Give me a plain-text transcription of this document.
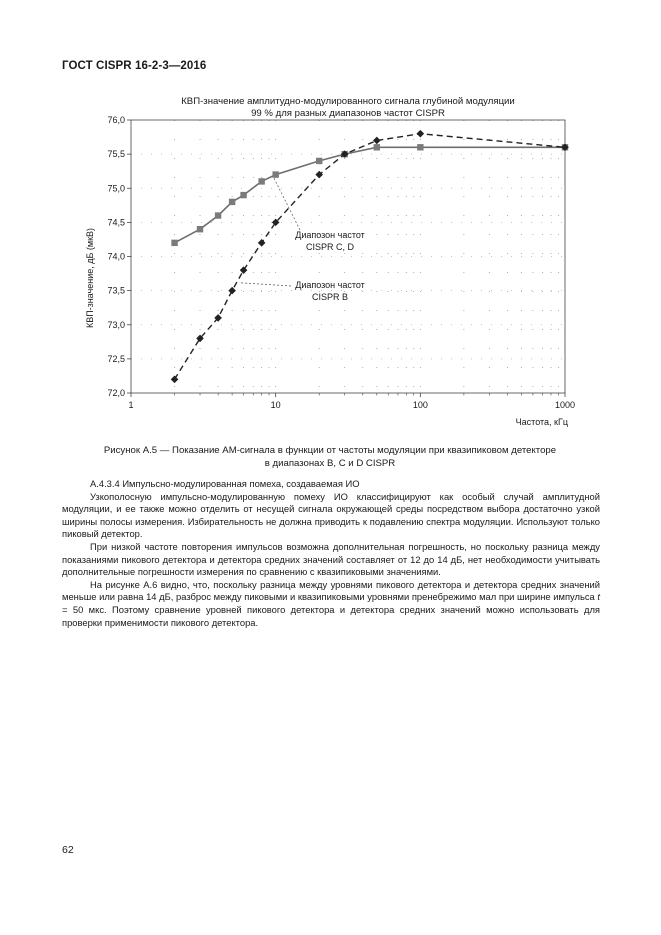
ГОСТ CISPR 16-2-3—2016
КВП-значение амплитудно-модулированного сигнала глубиной модуляции
99 % для разных диапазонов частот CISPR
72,0
72,5
73,0
73,5
74,0
74,5
75,0
75,5
76,0
1	10	100	1000
Диапозон частот
CISPR C, D
Диапозон частот
CISPR B
Частота, кГц
КВП-значение, дБ (мкВ)
Рисунок А.5 — Показание АМ-сигнала в функции от частоты модуляции при квазипиковом детекторе
в диапазонах B, C и D CISPR

А.4.3.4 Импульсно-модулированная помеха, создаваемая ИО

Узкополосную импульсно-модулированную помеху ИО классифицируют как особый случай амплитудной модуляции, и ее также можно отделить от несущей сигнала окружающей среды посредством выбора достаточно узкой ширины полосы измерения. Избирательность не должна приводить к подавлению спектра модуляции. Используют только пиковый детектор.

При низкой частоте повторения импульсов возможна дополнительная погрешность, но поскольку разница между показаниями пикового детектора и детектора средних значений составляет от 12 до 14 дБ, нет необходимости учитывать дополнительные погрешности измерения по сравнению с квазипиковыми значениями.

На рисунке А.6 видно, что, поскольку разница между уровнями пикового детектора и детектора средних значений меньше или равна 14 дБ, разброс между пиковыми и квазипиковыми уровнями пренебрежимо мал при ширине импульса t = 50 мкс. Поэтому сравнение уровней пикового детектора и детектора средних значений можно использовать для проверки применимости пикового детектора.

62
